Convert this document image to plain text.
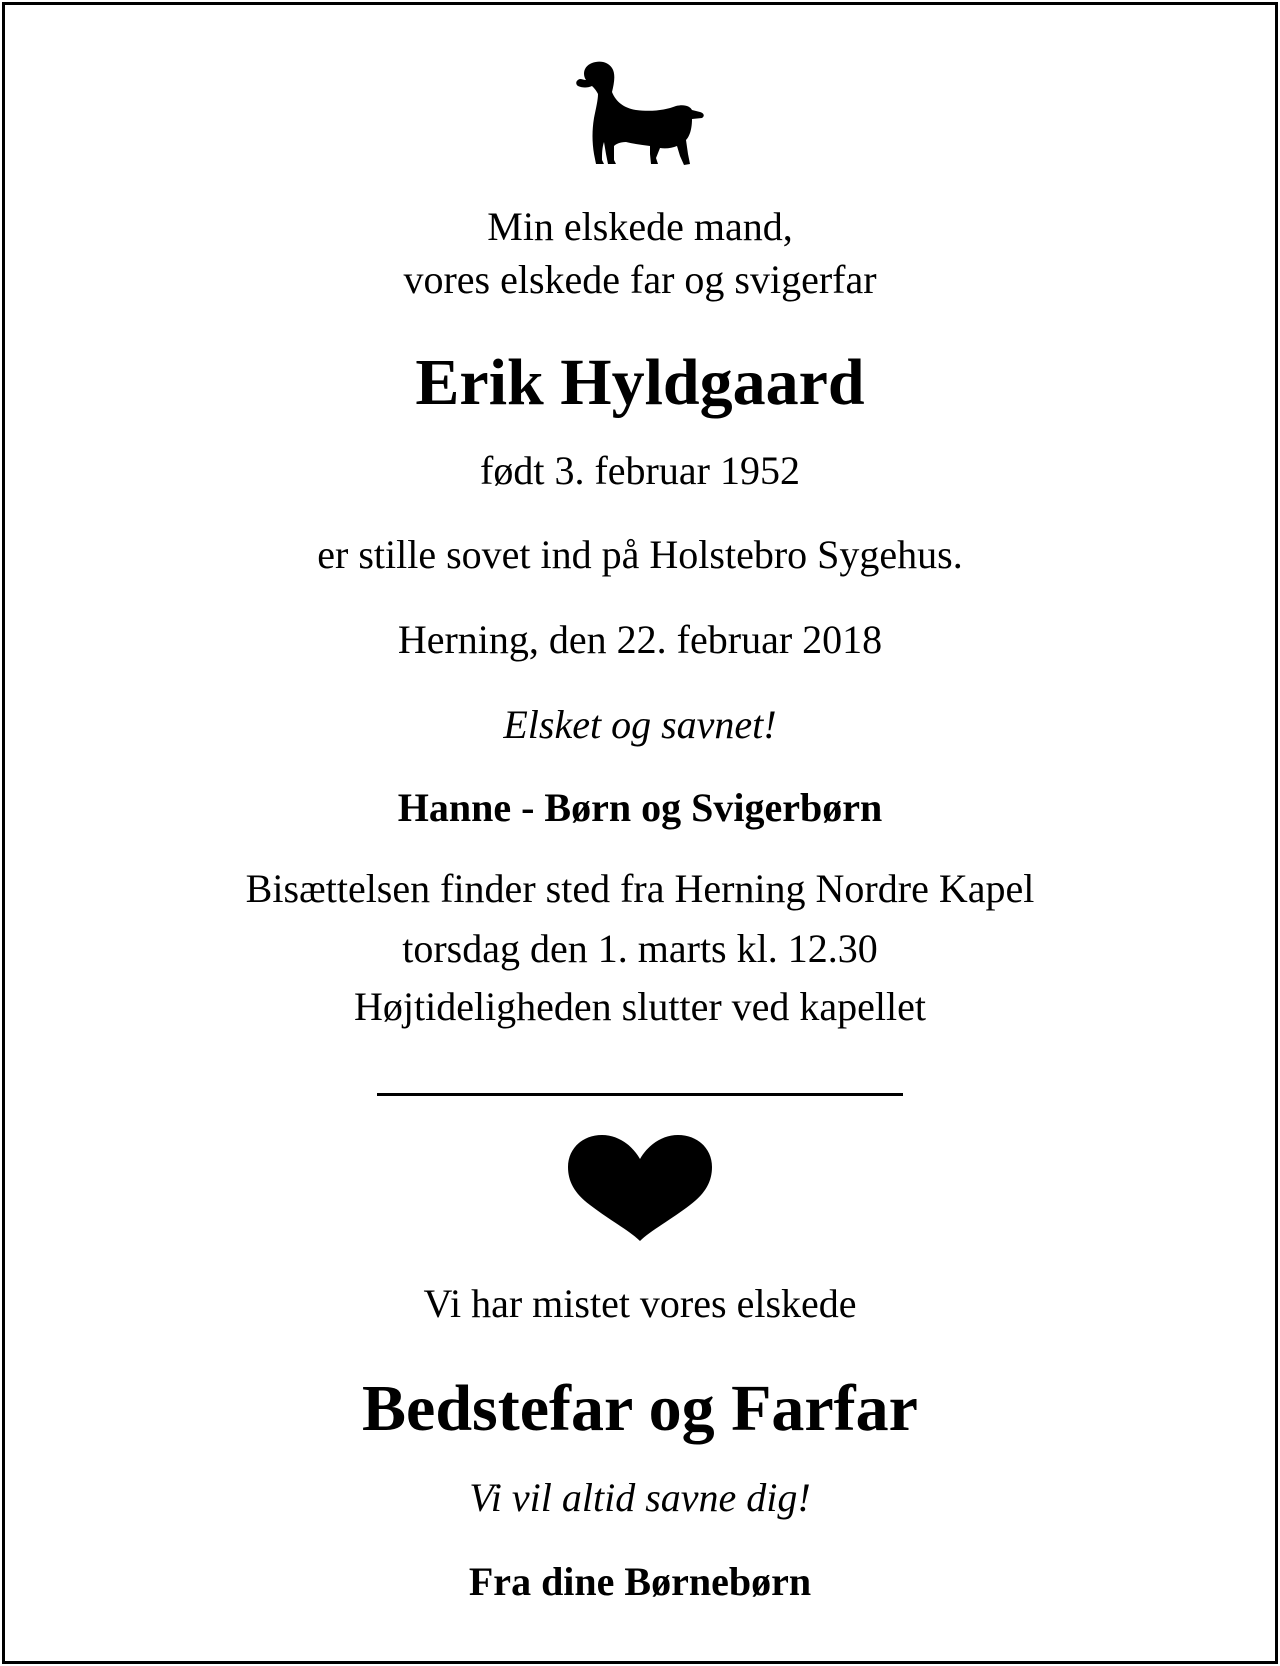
Min elskede mand,
vores elskede far og svigerfar
Erik Hyldgaard
født 3. februar 1952
er stille sovet ind på Holstebro Sygehus.
Herning, den 22. februar 2018
Elsket og savnet!
Hanne - Børn og Svigerbørn
Bisættelsen finder sted fra Herning Nordre Kapel
torsdag den 1. marts kl. 12.30
Højtideligheden slutter ved kapellet
Vi har mistet vores elskede
Bedstefar og Farfar
Vi vil altid savne dig!
Fra dine Børnebørn
